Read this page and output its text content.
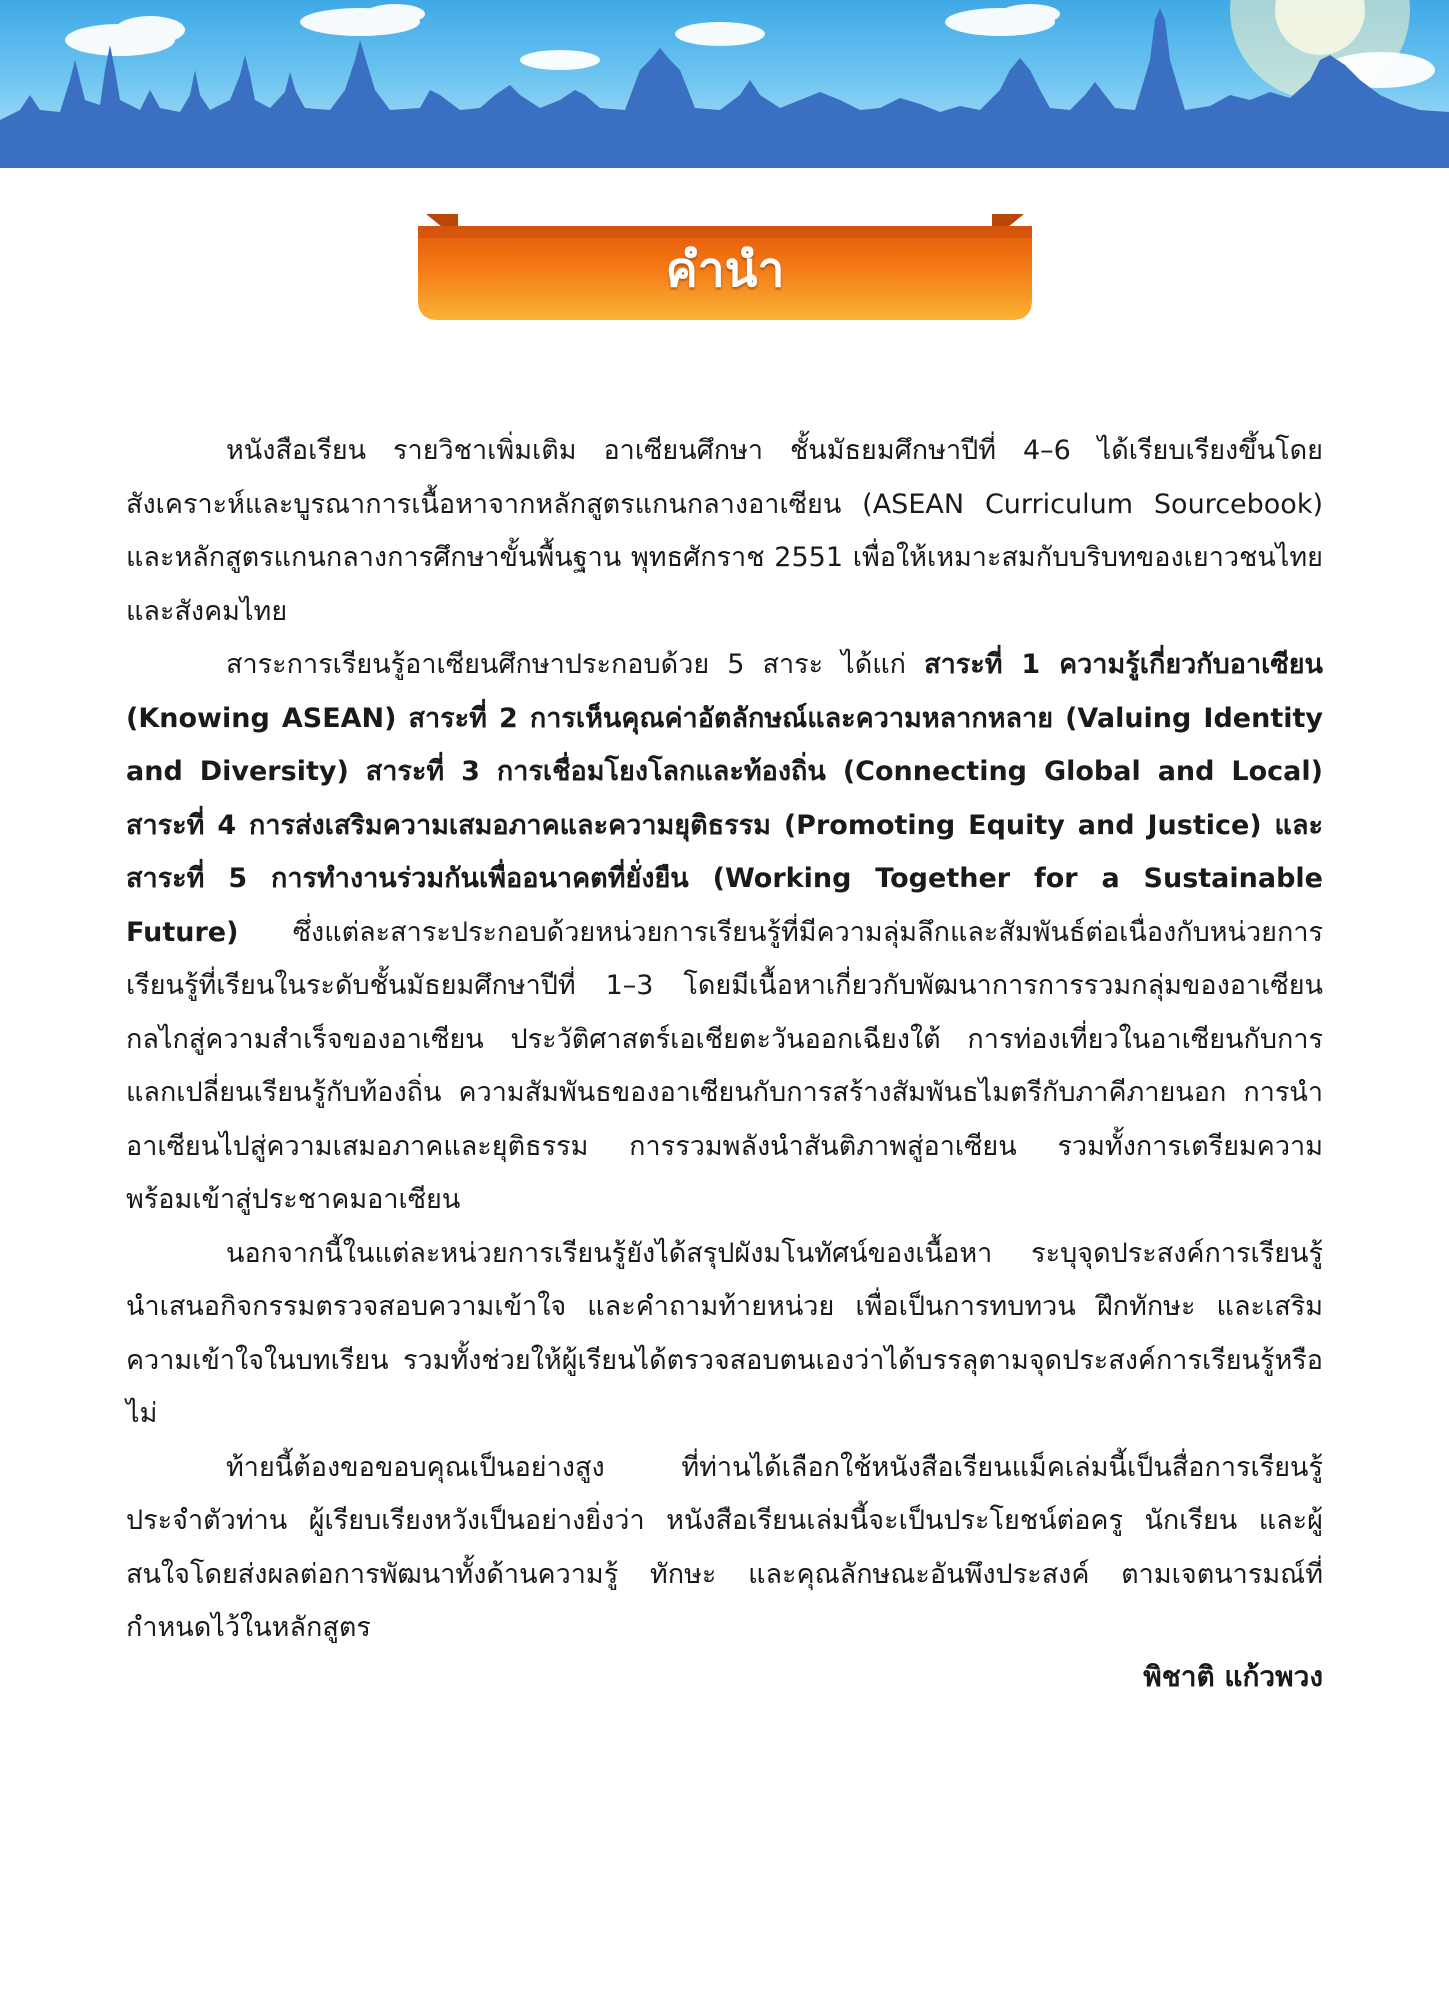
คำนำ

หนังสือเรียน รายวิชาเพิ่มเติม อาเซียนศึกษา ชั้นมัธยมศึกษาปีที่ 4–6 ได้เรียบเรียงขึ้นโดยสังเคราะห์และบูรณาการเนื้อหาจากหลักสูตรแกนกลางอาเซียน (ASEAN Curriculum Sourcebook) และหลักสูตรแกนกลางการศึกษาขั้นพื้นฐาน พุทธศักราช 2551 เพื่อให้เหมาะสมกับบริบทของเยาวชนไทยและสังคมไทย

สาระการเรียนรู้อาเซียนศึกษาประกอบด้วย 5 สาระ ได้แก่ สาระที่ 1 ความรู้เกี่ยวกับอาเซียน (Knowing ASEAN) สาระที่ 2 การเห็นคุณค่าอัตลักษณ์และความหลากหลาย (Valuing Identity and Diversity) สาระที่ 3 การเชื่อมโยงโลกและท้องถิ่น (Connecting Global and Local) สาระที่ 4 การส่งเสริมความเสมอภาคและความยุติธรรม (Promoting Equity and Justice) และสาระที่ 5 การทำงานร่วมกันเพื่ออนาคตที่ยั่งยืน (Working Together for a Sustainable Future) ซึ่งแต่ละสาระประกอบด้วยหน่วยการเรียนรู้ที่มีความลุ่มลึกและสัมพันธ์ต่อเนื่องกับหน่วยการเรียนรู้ที่เรียนในระดับชั้นมัธยมศึกษาปีที่ 1–3 โดยมีเนื้อหาเกี่ยวกับพัฒนาการการรวมกลุ่มของอาเซียน กลไกสู่ความสำเร็จของอาเซียน ประวัติศาสตร์เอเชียตะวันออกเฉียงใต้ การท่องเที่ยวในอาเซียนกับการแลกเปลี่ยนเรียนรู้กับท้องถิ่น ความสัมพันธของอาเซียนกับการสร้างสัมพันธไมตรีกับภาคีภายนอก การนำอาเซียนไปสู่ความเสมอภาคและยุติธรรม การรวมพลังนำสันติภาพสู่อาเซียน รวมทั้งการเตรียมความพร้อมเข้าสู่ประชาคมอาเซียน

นอกจากนี้ในแต่ละหน่วยการเรียนรู้ยังได้สรุปผังมโนทัศน์ของเนื้อหา ระบุจุดประสงค์การเรียนรู้ นำเสนอกิจกรรมตรวจสอบความเข้าใจ และคำถามท้ายหน่วย เพื่อเป็นการทบทวน ฝึกทักษะ และเสริมความเข้าใจในบทเรียน รวมทั้งช่วยให้ผู้เรียนได้ตรวจสอบตนเองว่าได้บรรลุตามจุดประสงค์การเรียนรู้หรือไม่

ท้ายนี้ต้องขอขอบคุณเป็นอย่างสูง ที่ท่านได้เลือกใช้หนังสือเรียนแม็คเล่มนี้เป็นสื่อการเรียนรู้ประจำตัวท่าน ผู้เรียบเรียงหวังเป็นอย่างยิ่งว่า หนังสือเรียนเล่มนี้จะเป็นประโยชน์ต่อครู นักเรียน และผู้สนใจโดยส่งผลต่อการพัฒนาทั้งด้านความรู้ ทักษะ และคุณลักษณะอันพึงประสงค์ ตามเจตนารมณ์ที่กำหนดไว้ในหลักสูตร

พิชาติ แก้วพวง
